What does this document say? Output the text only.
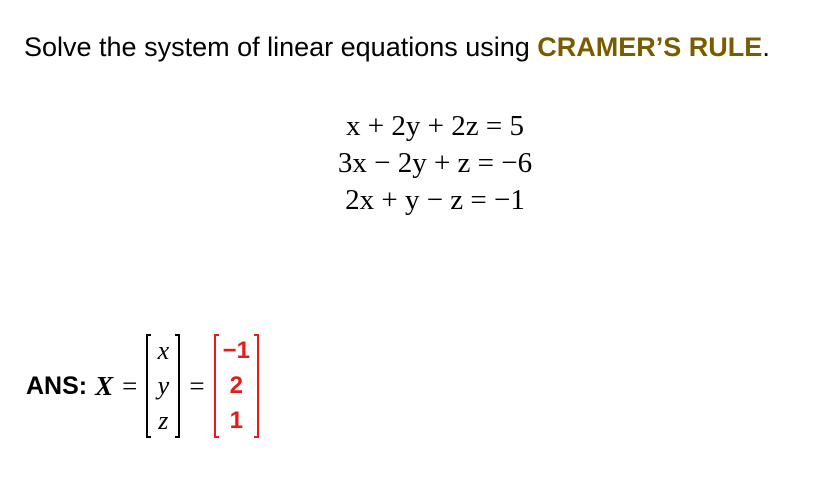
Solve the system of linear equations using CRAMER’S RULE.
x + 2y + 2z = 5
3x − 2y + z = −6
2x + y − z = −1
ANS: X =
x
y
z
=
−1
2
1
